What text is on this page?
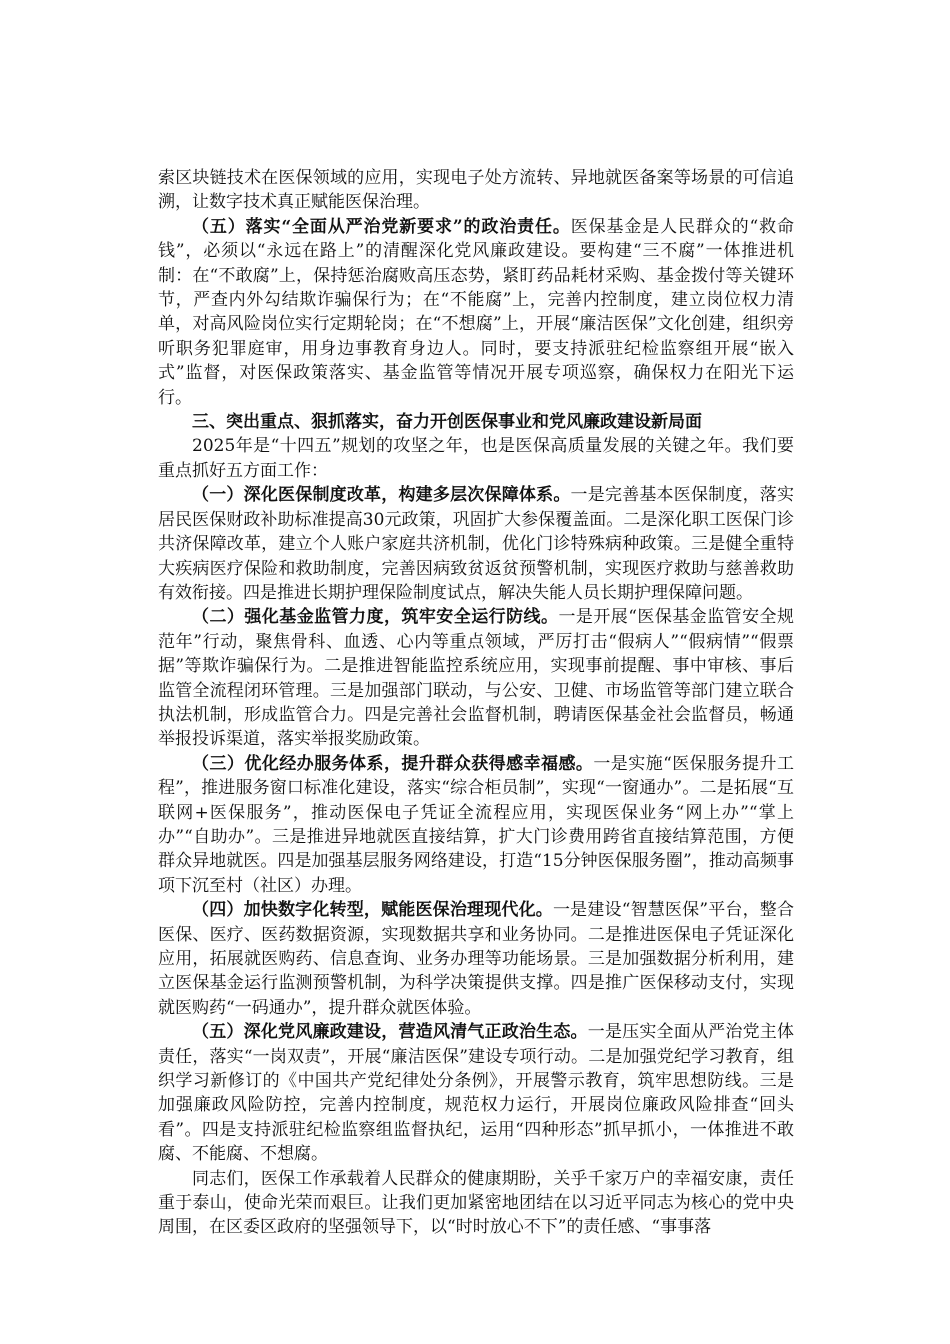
索区块链技术在医保领域的应用，实现电子处方流转、异地就医备案等场景的可信追溯，让数字技术真正赋能医保治理。

（五）落实“全面从严治党新要求”的政治责任。医保基金是人民群众的“救命钱”，必须以“永远在路上”的清醒深化党风廉政建设。要构建“三不腐”一体推进机制：在“不敢腐”上，保持惩治腐败高压态势，紧盯药品耗材采购、基金拨付等关键环节，严查内外勾结欺诈骗保行为；在“不能腐”上，完善内控制度，建立岗位权力清单，对高风险岗位实行定期轮岗；在“不想腐”上，开展“廉洁医保”文化创建，组织旁听职务犯罪庭审，用身边事教育身边人。同时，要支持派驻纪检监察组开展“嵌入式”监督，对医保政策落实、基金监管等情况开展专项巡察，确保权力在阳光下运行。

三、突出重点、狠抓落实，奋力开创医保事业和党风廉政建设新局面

2025年是“十四五”规划的攻坚之年，也是医保高质量发展的关键之年。我们要重点抓好五方面工作：

（一）深化医保制度改革，构建多层次保障体系。一是完善基本医保制度，落实居民医保财政补助标准提高30元政策，巩固扩大参保覆盖面。二是深化职工医保门诊共济保障改革，建立个人账户家庭共济机制，优化门诊特殊病种政策。三是健全重特大疾病医疗保险和救助制度，完善因病致贫返贫预警机制，实现医疗救助与慈善救助有效衔接。四是推进长期护理保险制度试点，解决失能人员长期护理保障问题。

（二）强化基金监管力度，筑牢安全运行防线。一是开展“医保基金监管安全规范年”行动，聚焦骨科、血透、心内等重点领域，严厉打击“假病人”“假病情”“假票据”等欺诈骗保行为。二是推进智能监控系统应用，实现事前提醒、事中审核、事后监管全流程闭环管理。三是加强部门联动，与公安、卫健、市场监管等部门建立联合执法机制，形成监管合力。四是完善社会监督机制，聘请医保基金社会监督员，畅通举报投诉渠道，落实举报奖励政策。

（三）优化经办服务体系，提升群众获得感幸福感。一是实施“医保服务提升工程”，推进服务窗口标准化建设，落实“综合柜员制”，实现“一窗通办”。二是拓展“互联网+医保服务”，推动医保电子凭证全流程应用，实现医保业务“网上办”“掌上办”“自助办”。三是推进异地就医直接结算，扩大门诊费用跨省直接结算范围，方便群众异地就医。四是加强基层服务网络建设，打造“15分钟医保服务圈”，推动高频事项下沉至村（社区）办理。

（四）加快数字化转型，赋能医保治理现代化。一是建设“智慧医保”平台，整合医保、医疗、医药数据资源，实现数据共享和业务协同。二是推进医保电子凭证深化应用，拓展就医购药、信息查询、业务办理等功能场景。三是加强数据分析利用，建立医保基金运行监测预警机制，为科学决策提供支撑。四是推广医保移动支付，实现就医购药“一码通办”，提升群众就医体验。

（五）深化党风廉政建设，营造风清气正政治生态。一是压实全面从严治党主体责任，落实“一岗双责”，开展“廉洁医保”建设专项行动。二是加强党纪学习教育，组织学习新修订的《中国共产党纪律处分条例》，开展警示教育，筑牢思想防线。三是加强廉政风险防控，完善内控制度，规范权力运行，开展岗位廉政风险排查“回头看”。四是支持派驻纪检监察组监督执纪，运用“四种形态”抓早抓小，一体推进不敢腐、不能腐、不想腐。

同志们，医保工作承载着人民群众的健康期盼，关乎千家万户的幸福安康，责任重于泰山，使命光荣而艰巨。让我们更加紧密地团结在以习近平同志为核心的党中央周围，在区委区政府的坚强领导下，以“时时放心不下”的责任感、“事事落
